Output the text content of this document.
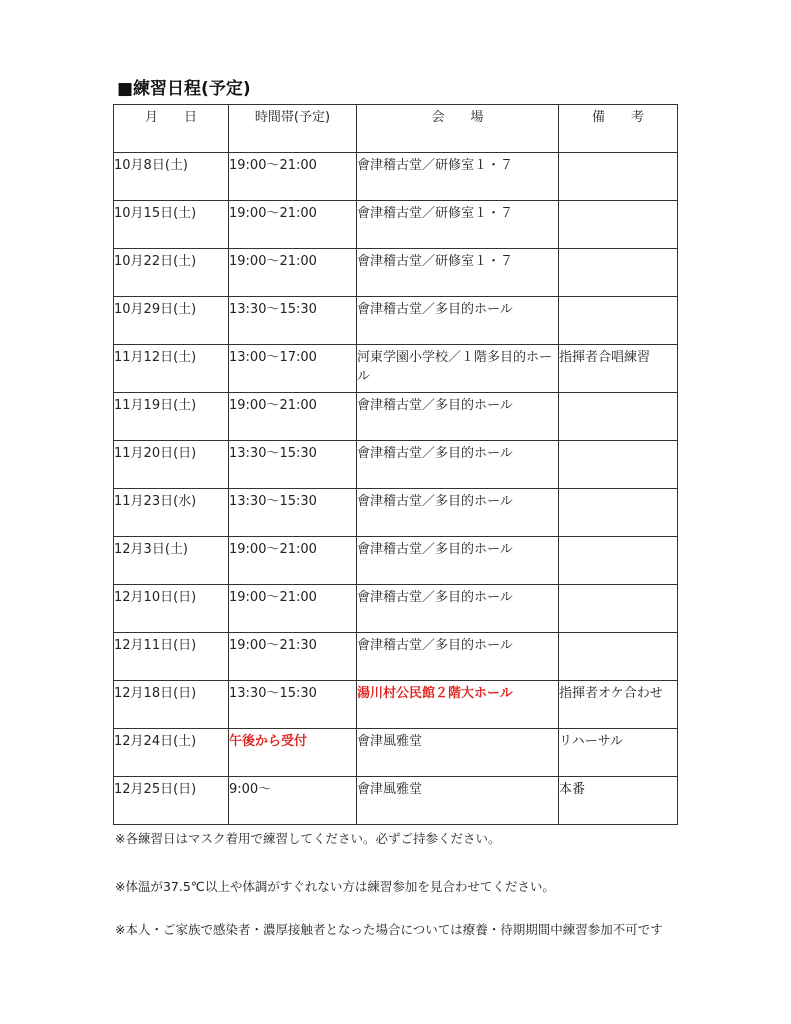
■練習日程(予定)
月　　日	時間帯(予定)	会　　場	備　　考
10月8日(土)	19:00～21:00	會津稽古堂／研修室１・７	
10月15日(土)	19:00～21:00	會津稽古堂／研修室１・７	
10月22日(土)	19:00～21:00	會津稽古堂／研修室１・７	
10月29日(土)	13:30～15:30	會津稽古堂／多目的ホール	
11月12日(土)	13:00～17:00	河東学園小学校／１階多目的ホール	指揮者合唱練習
11月19日(土)	19:00～21:00	會津稽古堂／多目的ホール	
11月20日(日)	13:30～15:30	會津稽古堂／多目的ホール	
11月23日(水)	13:30～15:30	會津稽古堂／多目的ホール	
12月3日(土)	19:00～21:00	會津稽古堂／多目的ホール	
12月10日(日)	19:00～21:00	會津稽古堂／多目的ホール	
12月11日(日)	19:00～21:30	會津稽古堂／多目的ホール	
12月18日(日)	13:30～15:30	湯川村公民館２階大ホール	指揮者オケ合わせ
12月24日(土)	午後から受付	會津風雅堂	リハーサル
12月25日(日)	9:00～	會津風雅堂	本番
※各練習日はマスク着用で練習してください。必ずご持参ください。
※体温が37.5℃以上や体調がすぐれない方は練習参加を見合わせてください。
※本人・ご家族で感染者・濃厚接触者となった場合については療養・待期期間中練習参加不可です
